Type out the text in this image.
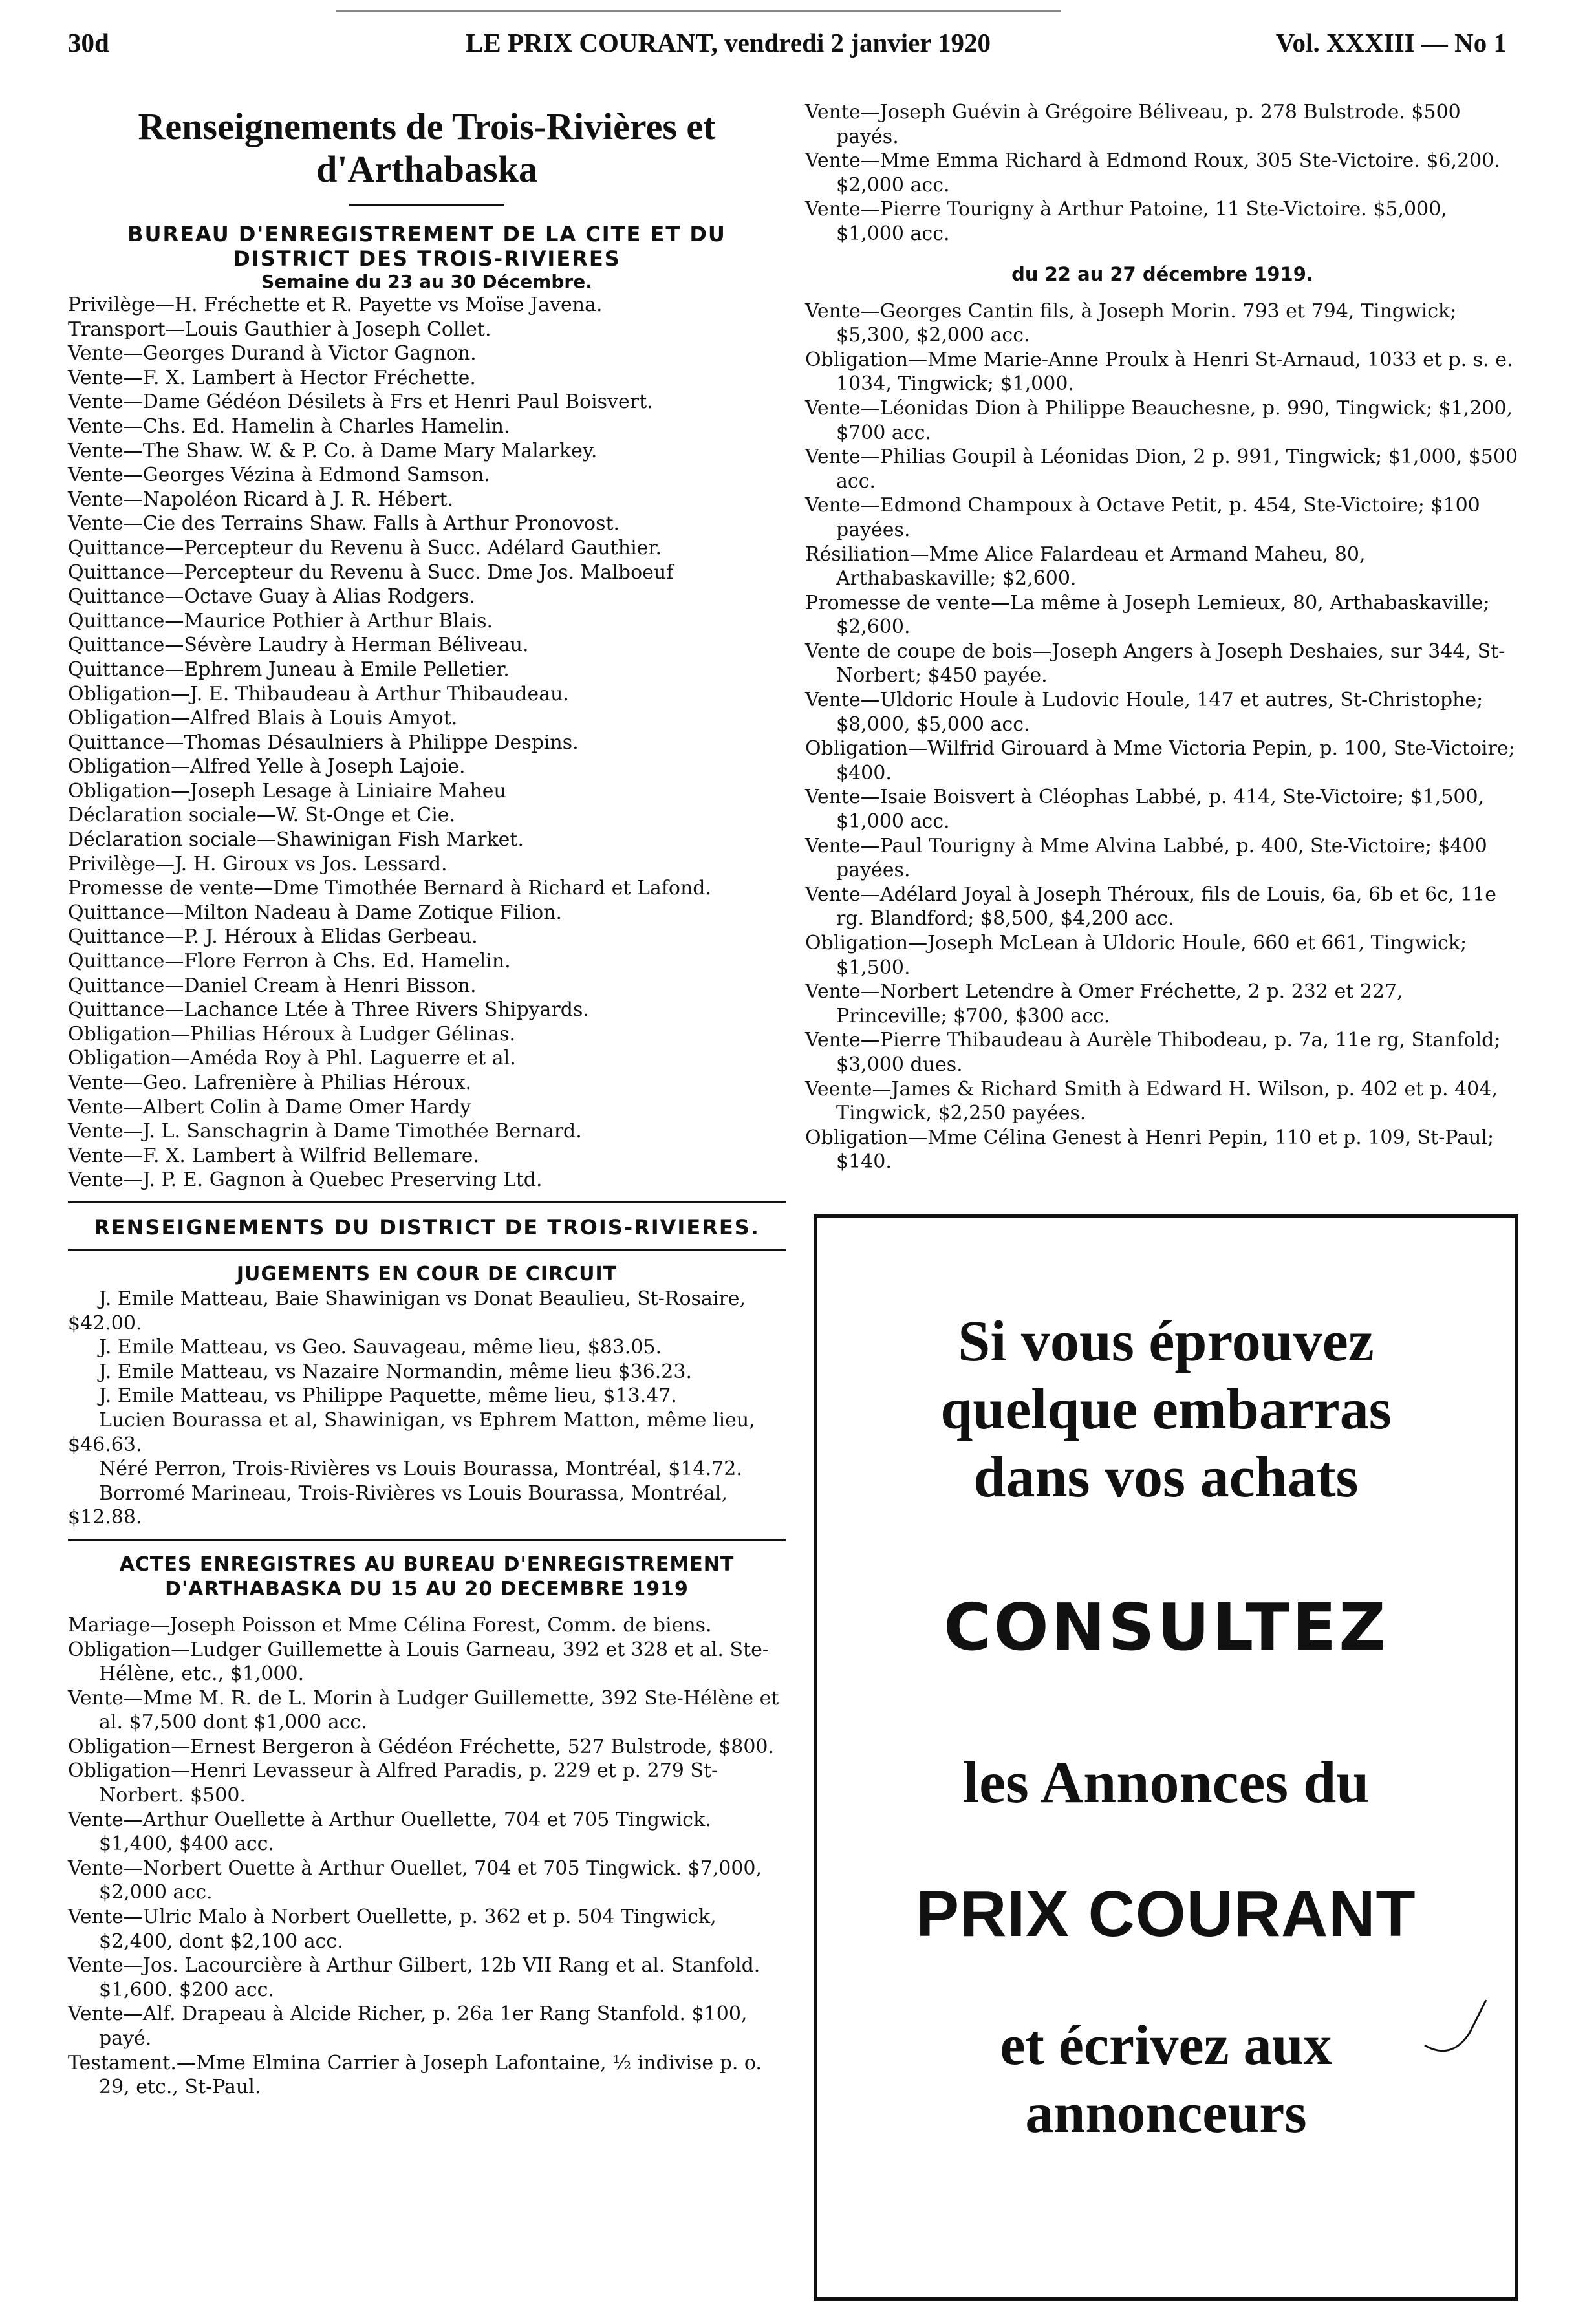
30d	LE PRIX COURANT, vendredi 2 janvier 1920	Vol. XXXIII — No 1
Renseignements de Trois-Rivières et d'Arthabaska
BUREAU D'ENREGISTREMENT DE LA CITE ET DU DISTRICT DES TROIS-RIVIERES
Semaine du 23 au 30 Décembre.
Privilège—H. Fréchette et R. Payette vs Moïse Javena.
Transport—Louis Gauthier à Joseph Collet.
Vente—Georges Durand à Victor Gagnon.
Vente—F. X. Lambert à Hector Fréchette.
Vente—Dame Gédéon Désilets à Frs et Henri Paul Boisvert.
Vente—Chs. Ed. Hamelin à Charles Hamelin.
Vente—The Shaw. W. & P. Co. à Dame Mary Malarkey.
Vente—Georges Vézina à Edmond Samson.
Vente—Napoléon Ricard à J. R. Hébert.
Vente—Cie des Terrains Shaw. Falls à Arthur Pronovost.
Quittance—Percepteur du Revenu à Succ. Adélard Gauthier.
Quittance—Percepteur du Revenu à Succ. Dme Jos. Malboeuf
Quittance—Octave Guay à Alias Rodgers.
Quittance—Maurice Pothier à Arthur Blais.
Quittance—Sévère Laudry à Herman Béliveau.
Quittance—Ephrem Juneau à Emile Pelletier.
Obligation—J. E. Thibaudeau à Arthur Thibaudeau.
Obligation—Alfred Blais à Louis Amyot.
Quittance—Thomas Désaulniers à Philippe Despins.
Obligation—Alfred Yelle à Joseph Lajoie.
Obligation—Joseph Lesage à Liniaire Maheu
Déclaration sociale—W. St-Onge et Cie.
Déclaration sociale—Shawinigan Fish Market.
Privilège—J. H. Giroux vs Jos. Lessard.
Promesse de vente—Dme Timothée Bernard à Richard et Lafond.
Quittance—Milton Nadeau à Dame Zotique Filion.
Quittance—P. J. Héroux à Elidas Gerbeau.
Quittance—Flore Ferron à Chs. Ed. Hamelin.
Quittance—Daniel Cream à Henri Bisson.
Quittance—Lachance Ltée à Three Rivers Shipyards.
Obligation—Philias Héroux à Ludger Gélinas.
Obligation—Améda Roy à Phl. Laguerre et al.
Vente—Geo. Lafrenière à Philias Héroux.
Vente—Albert Colin à Dame Omer Hardy
Vente—J. L. Sanschagrin à Dame Timothée Bernard.
Vente—F. X. Lambert à Wilfrid Bellemare.
Vente—J. P. E. Gagnon à Quebec Preserving Ltd.
RENSEIGNEMENTS DU DISTRICT DE TROIS-RIVIERES.
JUGEMENTS EN COUR DE CIRCUIT
J. Emile Matteau, Baie Shawinigan vs Donat Beaulieu, St-Rosaire, $42.00.
J. Emile Matteau, vs Geo. Sauvageau, même lieu, $83.05.
J. Emile Matteau, vs Nazaire Normandin, même lieu $36.23.
J. Emile Matteau, vs Philippe Paquette, même lieu, $13.47.
Lucien Bourassa et al, Shawinigan, vs Ephrem Matton, même lieu, $46.63.
Néré Perron, Trois-Rivières vs Louis Bourassa, Montréal, $14.72.
Borromé Marineau, Trois-Rivières vs Louis Bourassa, Montréal, $12.88.
ACTES ENREGISTRES AU BUREAU D'ENREGISTREMENT D'ARTHABASKA DU 15 AU 20 DECEMBRE 1919
Mariage—Joseph Poisson et Mme Célina Forest, Comm. de biens.
Obligation—Ludger Guillemette à Louis Garneau, 392 et 328 et al. Ste-Hélène, etc., $1,000.
Vente—Mme M. R. de L. Morin à Ludger Guillemette, 392 Ste-Hélène et al. $7,500 dont $1,000 acc.
Obligation—Ernest Bergeron à Gédéon Fréchette, 527 Bulstrode, $800.
Obligation—Henri Levasseur à Alfred Paradis, p. 229 et p. 279 St-Norbert. $500.
Vente—Arthur Ouellette à Arthur Ouellette, 704 et 705 Tingwick. $1,400, $400 acc.
Vente—Norbert Ouette à Arthur Ouellet, 704 et 705 Tingwick. $7,000, $2,000 acc.
Vente—Ulric Malo à Norbert Ouellette, p. 362 et p. 504 Tingwick, $2,400, dont $2,100 acc.
Vente—Jos. Lacourcière à Arthur Gilbert, 12b VII Rang et al. Stanfold. $1,600. $200 acc.
Vente—Alf. Drapeau à Alcide Richer, p. 26a 1er Rang Stanfold. $100, payé.
Testament.—Mme Elmina Carrier à Joseph Lafontaine, ½ indivise p. o. 29, etc., St-Paul.
Vente—Joseph Guévin à Grégoire Béliveau, p. 278 Bulstrode. $500 payés.
Vente—Mme Emma Richard à Edmond Roux, 305 Ste-Victoire. $6,200. $2,000 acc.
Vente—Pierre Tourigny à Arthur Patoine, 11 Ste-Victoire. $5,000, $1,000 acc.
du 22 au 27 décembre 1919.
Vente—Georges Cantin fils, à Joseph Morin. 793 et 794, Tingwick; $5,300, $2,000 acc.
Obligation—Mme Marie-Anne Proulx à Henri St-Arnaud, 1033 et p. s. e. 1034, Tingwick; $1,000.
Vente—Léonidas Dion à Philippe Beauchesne, p. 990, Tingwick; $1,200, $700 acc.
Vente—Philias Goupil à Léonidas Dion, 2 p. 991, Tingwick; $1,000, $500 acc.
Vente—Edmond Champoux à Octave Petit, p. 454, Ste-Victoire; $100 payées.
Résiliation—Mme Alice Falardeau et Armand Maheu, 80, Arthabaskaville; $2,600.
Promesse de vente—La même à Joseph Lemieux, 80, Arthabaskaville; $2,600.
Vente de coupe de bois—Joseph Angers à Joseph Deshaies, sur 344, St-Norbert; $450 payée.
Vente—Uldoric Houle à Ludovic Houle, 147 et autres, St-Christophe; $8,000, $5,000 acc.
Obligation—Wilfrid Girouard à Mme Victoria Pepin, p. 100, Ste-Victoire; $400.
Vente—Isaie Boisvert à Cléophas Labbé, p. 414, Ste-Victoire; $1,500, $1,000 acc.
Vente—Paul Tourigny à Mme Alvina Labbé, p. 400, Ste-Victoire; $400 payées.
Vente—Adélard Joyal à Joseph Théroux, fils de Louis, 6a, 6b et 6c, 11e rg. Blandford; $8,500, $4,200 acc.
Obligation—Joseph McLean à Uldoric Houle, 660 et 661, Tingwick; $1,500.
Vente—Norbert Letendre à Omer Fréchette, 2 p. 232 et 227, Princeville; $700, $300 acc.
Vente—Pierre Thibaudeau à Aurèle Thibodeau, p. 7a, 11e rg, Stanfold; $3,000 dues.
Veente—James & Richard Smith à Edward H. Wilson, p. 402 et p. 404, Tingwick, $2,250 payées.
Obligation—Mme Célina Genest à Henri Pepin, 110 et p. 109, St-Paul; $140.
Si vous éprouvez
quelque embarras
dans vos achats
CONSULTEZ
les Annonces du
PRIX COURANT
et écrivez aux
annonceurs
